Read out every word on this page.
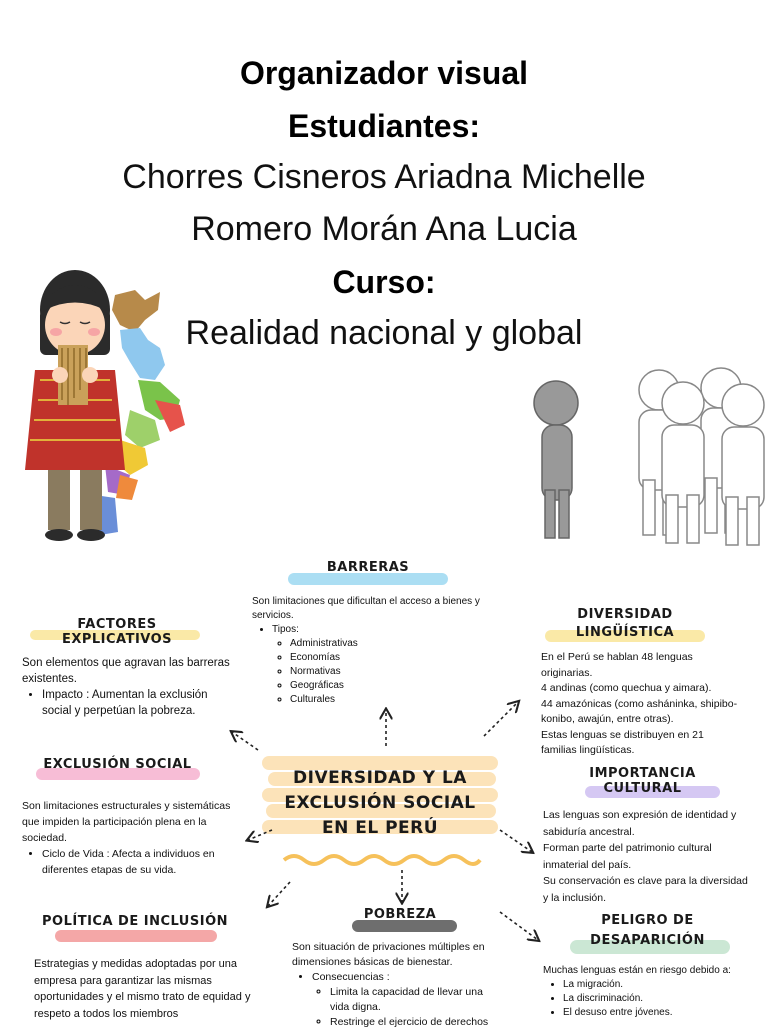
Organizador visual
Estudiantes:
Chorres Cisneros Ariadna Michelle
Romero Morán Ana Lucia
Curso:
Realidad nacional y global
DIVERSIDAD Y LA EXCLUSIÓN SOCIAL EN EL PERÚ
BARRERAS
Son limitaciones que dificultan el acceso a bienes y servicios.
• Tipos:
◦ Administrativas
◦ Economías
◦ Normativas
◦ Geográficas
◦ Culturales
FACTORES EXPLICATIVOS
Son elementos que agravan las barreras existentes.
• Impacto : Aumentan la exclusión social y perpetúan la pobreza.
DIVERSIDAD
LINGÜÍSTICA
En el Perú se hablan 48 lenguas originarias.
4 andinas (como quechua y aimara).
44 amazónicas (como asháninka, shipibo-konibo, awajún, entre otras).
Estas lenguas se distribuyen en 21 familias lingüísticas.
EXCLUSIÓN SOCIAL
Son limitaciones estructurales y sistemáticas que impiden la participación plena en la sociedad.
• Ciclo de Vida : Afecta a individuos en diferentes etapas de su vida.
IMPORTANCIA CULTURAL
Las lenguas son expresión de identidad y sabiduría ancestral.
Forman parte del patrimonio cultural inmaterial del país.
Su conservación es clave para la diversidad y la inclusión.
POLÍTICA DE INCLUSIÓN
Estrategias y medidas adoptadas por una empresa para garantizar las mismas oportunidades y el mismo trato de equidad y respeto a todos los miembros
POBREZA
Son situación de privaciones múltiples en dimensiones básicas de bienestar.
• Consecuencias :
◦ Limita la capacidad de llevar una vida digna.
◦ Restringe el ejercicio de derechos
PELIGRO DE
DESAPARICIÓN
Muchas lenguas están en riesgo debido a:
• La migración.
• La discriminación.
• El desuso entre jóvenes.
